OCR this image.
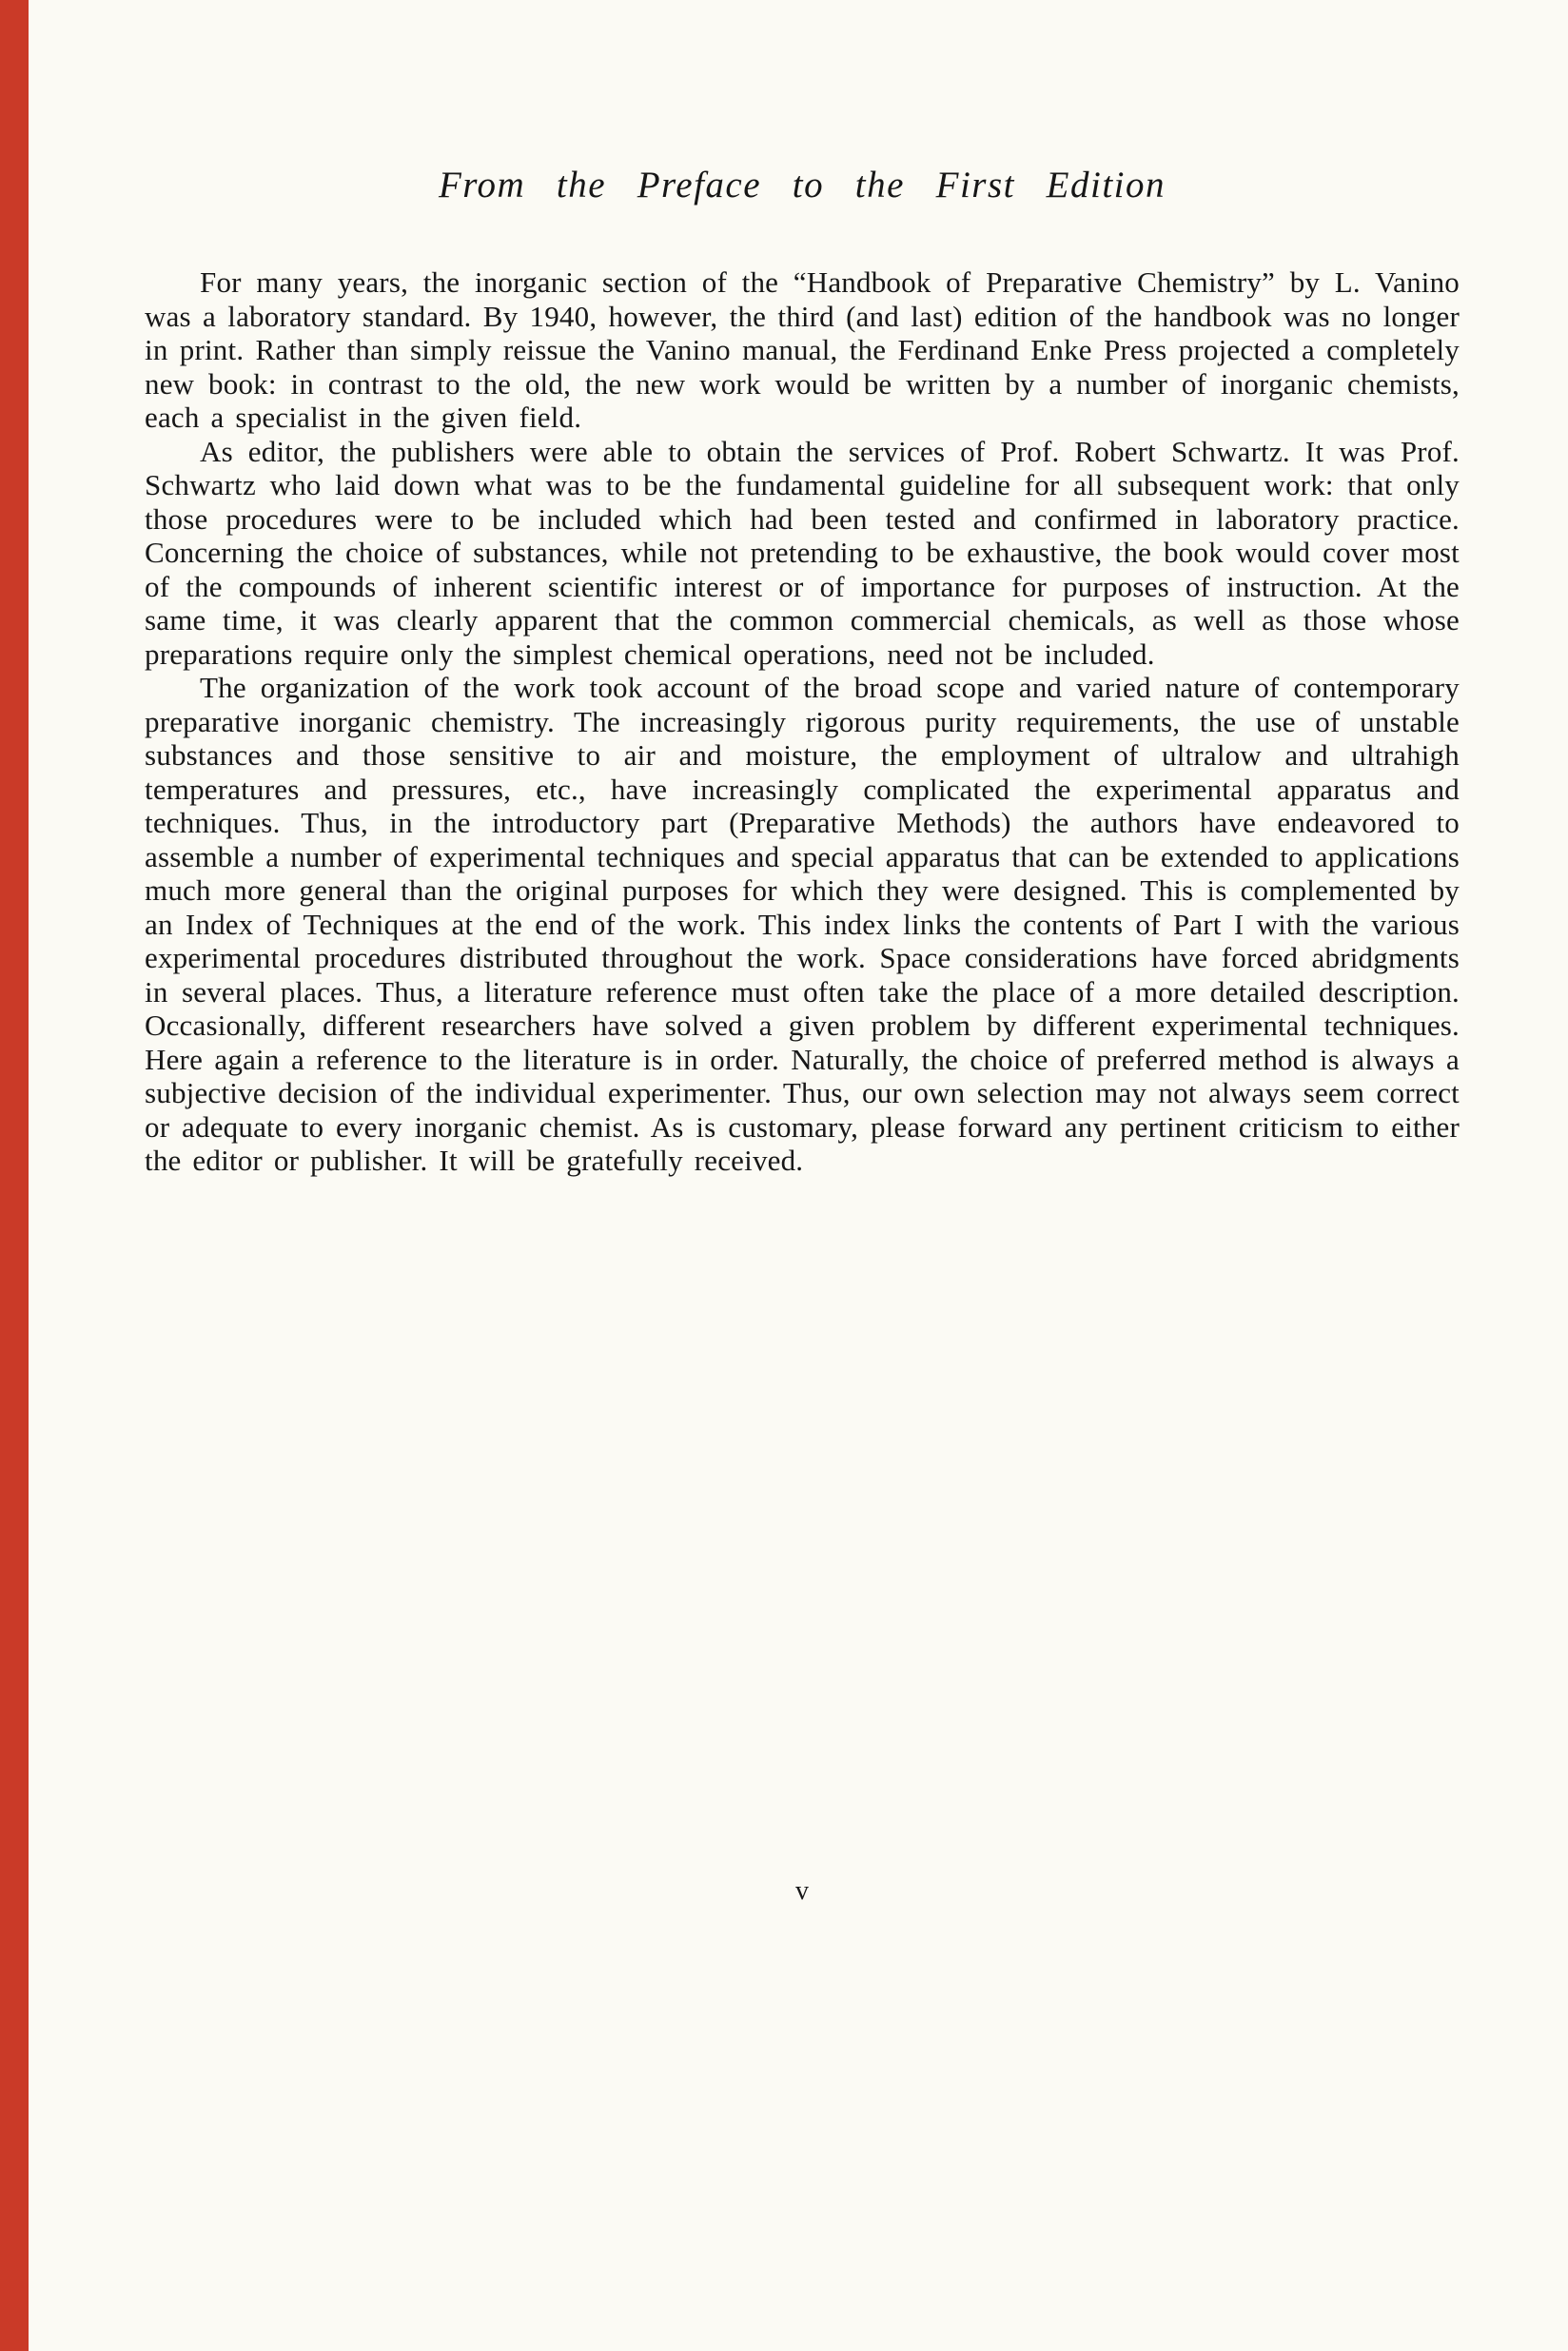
From the Preface to the First Edition

For many years, the inorganic section of the “Handbook of Preparative Chemistry” by L. Vanino was a laboratory standard. By 1940, however, the third (and last) edition of the handbook was no longer in print. Rather than simply reissue the Vanino manual, the Ferdinand Enke Press projected a completely new book: in contrast to the old, the new work would be written by a number of inorganic chemists, each a specialist in the given field.

As editor, the publishers were able to obtain the services of Prof. Robert Schwartz. It was Prof. Schwartz who laid down what was to be the fundamental guideline for all subsequent work: that only those procedures were to be included which had been tested and confirmed in laboratory practice. Concerning the choice of substances, while not pretending to be exhaustive, the book would cover most of the compounds of inherent scientific interest or of importance for purposes of instruction. At the same time, it was clearly apparent that the common commercial chemicals, as well as those whose preparations require only the simplest chemical operations, need not be included.

The organization of the work took account of the broad scope and varied nature of contemporary preparative inorganic chemistry. The increasingly rigorous purity requirements, the use of unstable substances and those sensitive to air and moisture, the employment of ultralow and ultrahigh temperatures and pressures, etc., have increasingly complicated the experimental apparatus and techniques. Thus, in the introductory part (Preparative Methods) the authors have endeavored to assemble a number of experimental techniques and special apparatus that can be extended to applications much more general than the original purposes for which they were designed. This is complemented by an Index of Techniques at the end of the work. This index links the contents of Part I with the various experimental procedures distributed throughout the work. Space considerations have forced abridgments in several places. Thus, a literature reference must often take the place of a more detailed description. Occasionally, different researchers have solved a given problem by different experimental techniques. Here again a reference to the literature is in order. Naturally, the choice of preferred method is always a subjective decision of the individual experimenter. Thus, our own selection may not always seem correct or adequate to every inorganic chemist. As is customary, please forward any pertinent criticism to either the editor or publisher. It will be gratefully received.

v
